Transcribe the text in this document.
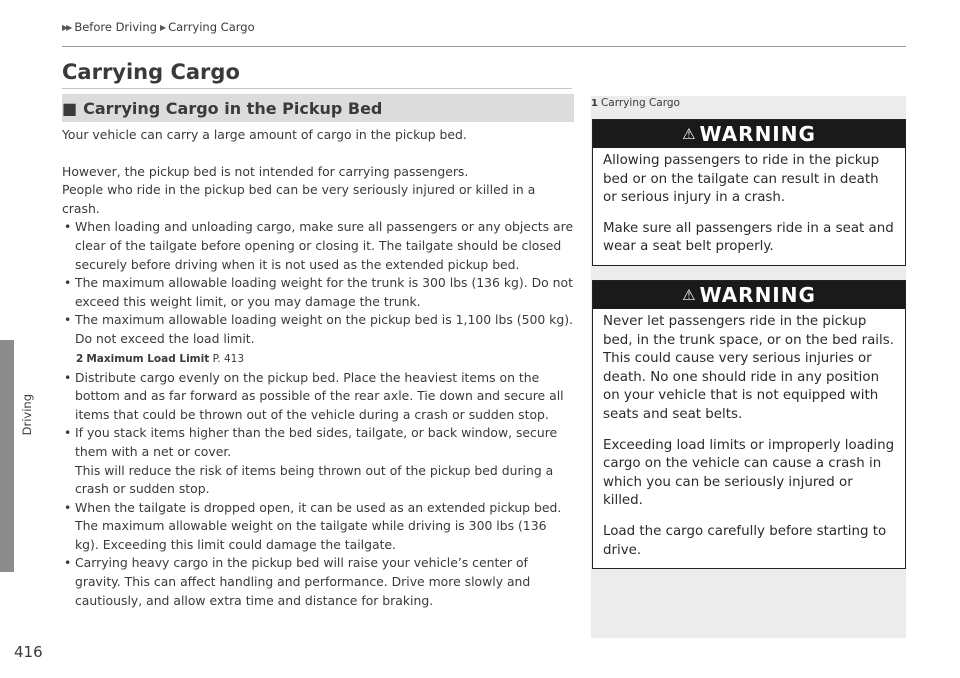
▶▶ Before Driving ▶ Carrying Cargo
Driving
416
Carrying Cargo
■ Carrying Cargo in the Pickup Bed

Your vehicle can carry a large amount of cargo in the pickup bed.

However, the pickup bed is not intended for carrying passengers.

People who ride in the pickup bed can be very seriously injured or killed in a crash.

• When loading and unloading cargo, make sure all passengers or any objects are clear of the tailgate before opening or closing it. The tailgate should be closed securely before driving when it is not used as the extended pickup bed.

• The maximum allowable loading weight for the trunk is 300 lbs (136 kg). Do not exceed this weight limit, or you may damage the trunk.

• The maximum allowable loading weight on the pickup bed is 1,100 lbs (500 kg). Do not exceed the load limit.

2 Maximum Load Limit P. 413

• Distribute cargo evenly on the pickup bed. Place the heaviest items on the bottom and as far forward as possible of the rear axle. Tie down and secure all items that could be thrown out of the vehicle during a crash or sudden stop.

• If you stack items higher than the bed sides, tailgate, or back window, secure them with a net or cover.
This will reduce the risk of items being thrown out of the pickup bed during a crash or sudden stop.

• When the tailgate is dropped open, it can be used as an extended pickup bed. The maximum allowable weight on the tailgate while driving is 300 lbs (136 kg). Exceeding this limit could damage the tailgate.

• Carrying heavy cargo in the pickup bed will raise your vehicle’s center of gravity. This can affect handling and performance. Drive more slowly and cautiously, and allow extra time and distance for braking.

1 Carrying Cargo
⚠ WARNING

Allowing passengers to ride in the pickup bed or on the tailgate can result in death or serious injury in a crash.

Make sure all passengers ride in a seat and wear a seat belt properly.

⚠ WARNING

Never let passengers ride in the pickup bed, in the trunk space, or on the bed rails. This could cause very serious injuries or death. No one should ride in any position on your vehicle that is not equipped with seats and seat belts.

Exceeding load limits or improperly loading cargo on the vehicle can cause a crash in which you can be seriously injured or killed.

Load the cargo carefully before starting to drive.
